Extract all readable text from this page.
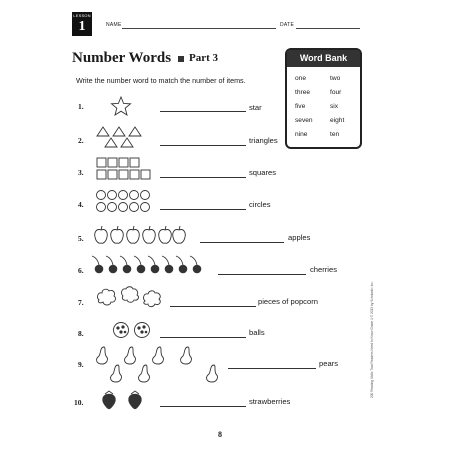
LESSON
1	NAME	DATE
Number Words Part 3
Write the number word to match the number of items.
Word Bank
one	two
three	four
five	six
seven	eight
nine	ten
1.	star
2.	triangles
3.	squares
4.	circles
5.	apples
6.	cherries
7.	pieces of popcorn
8.	balls
9.	pears
10.	strawberries
8
200 Reading Skills That Readers Need to Know Grade 1 © 2013 by Scholastic Inc.
